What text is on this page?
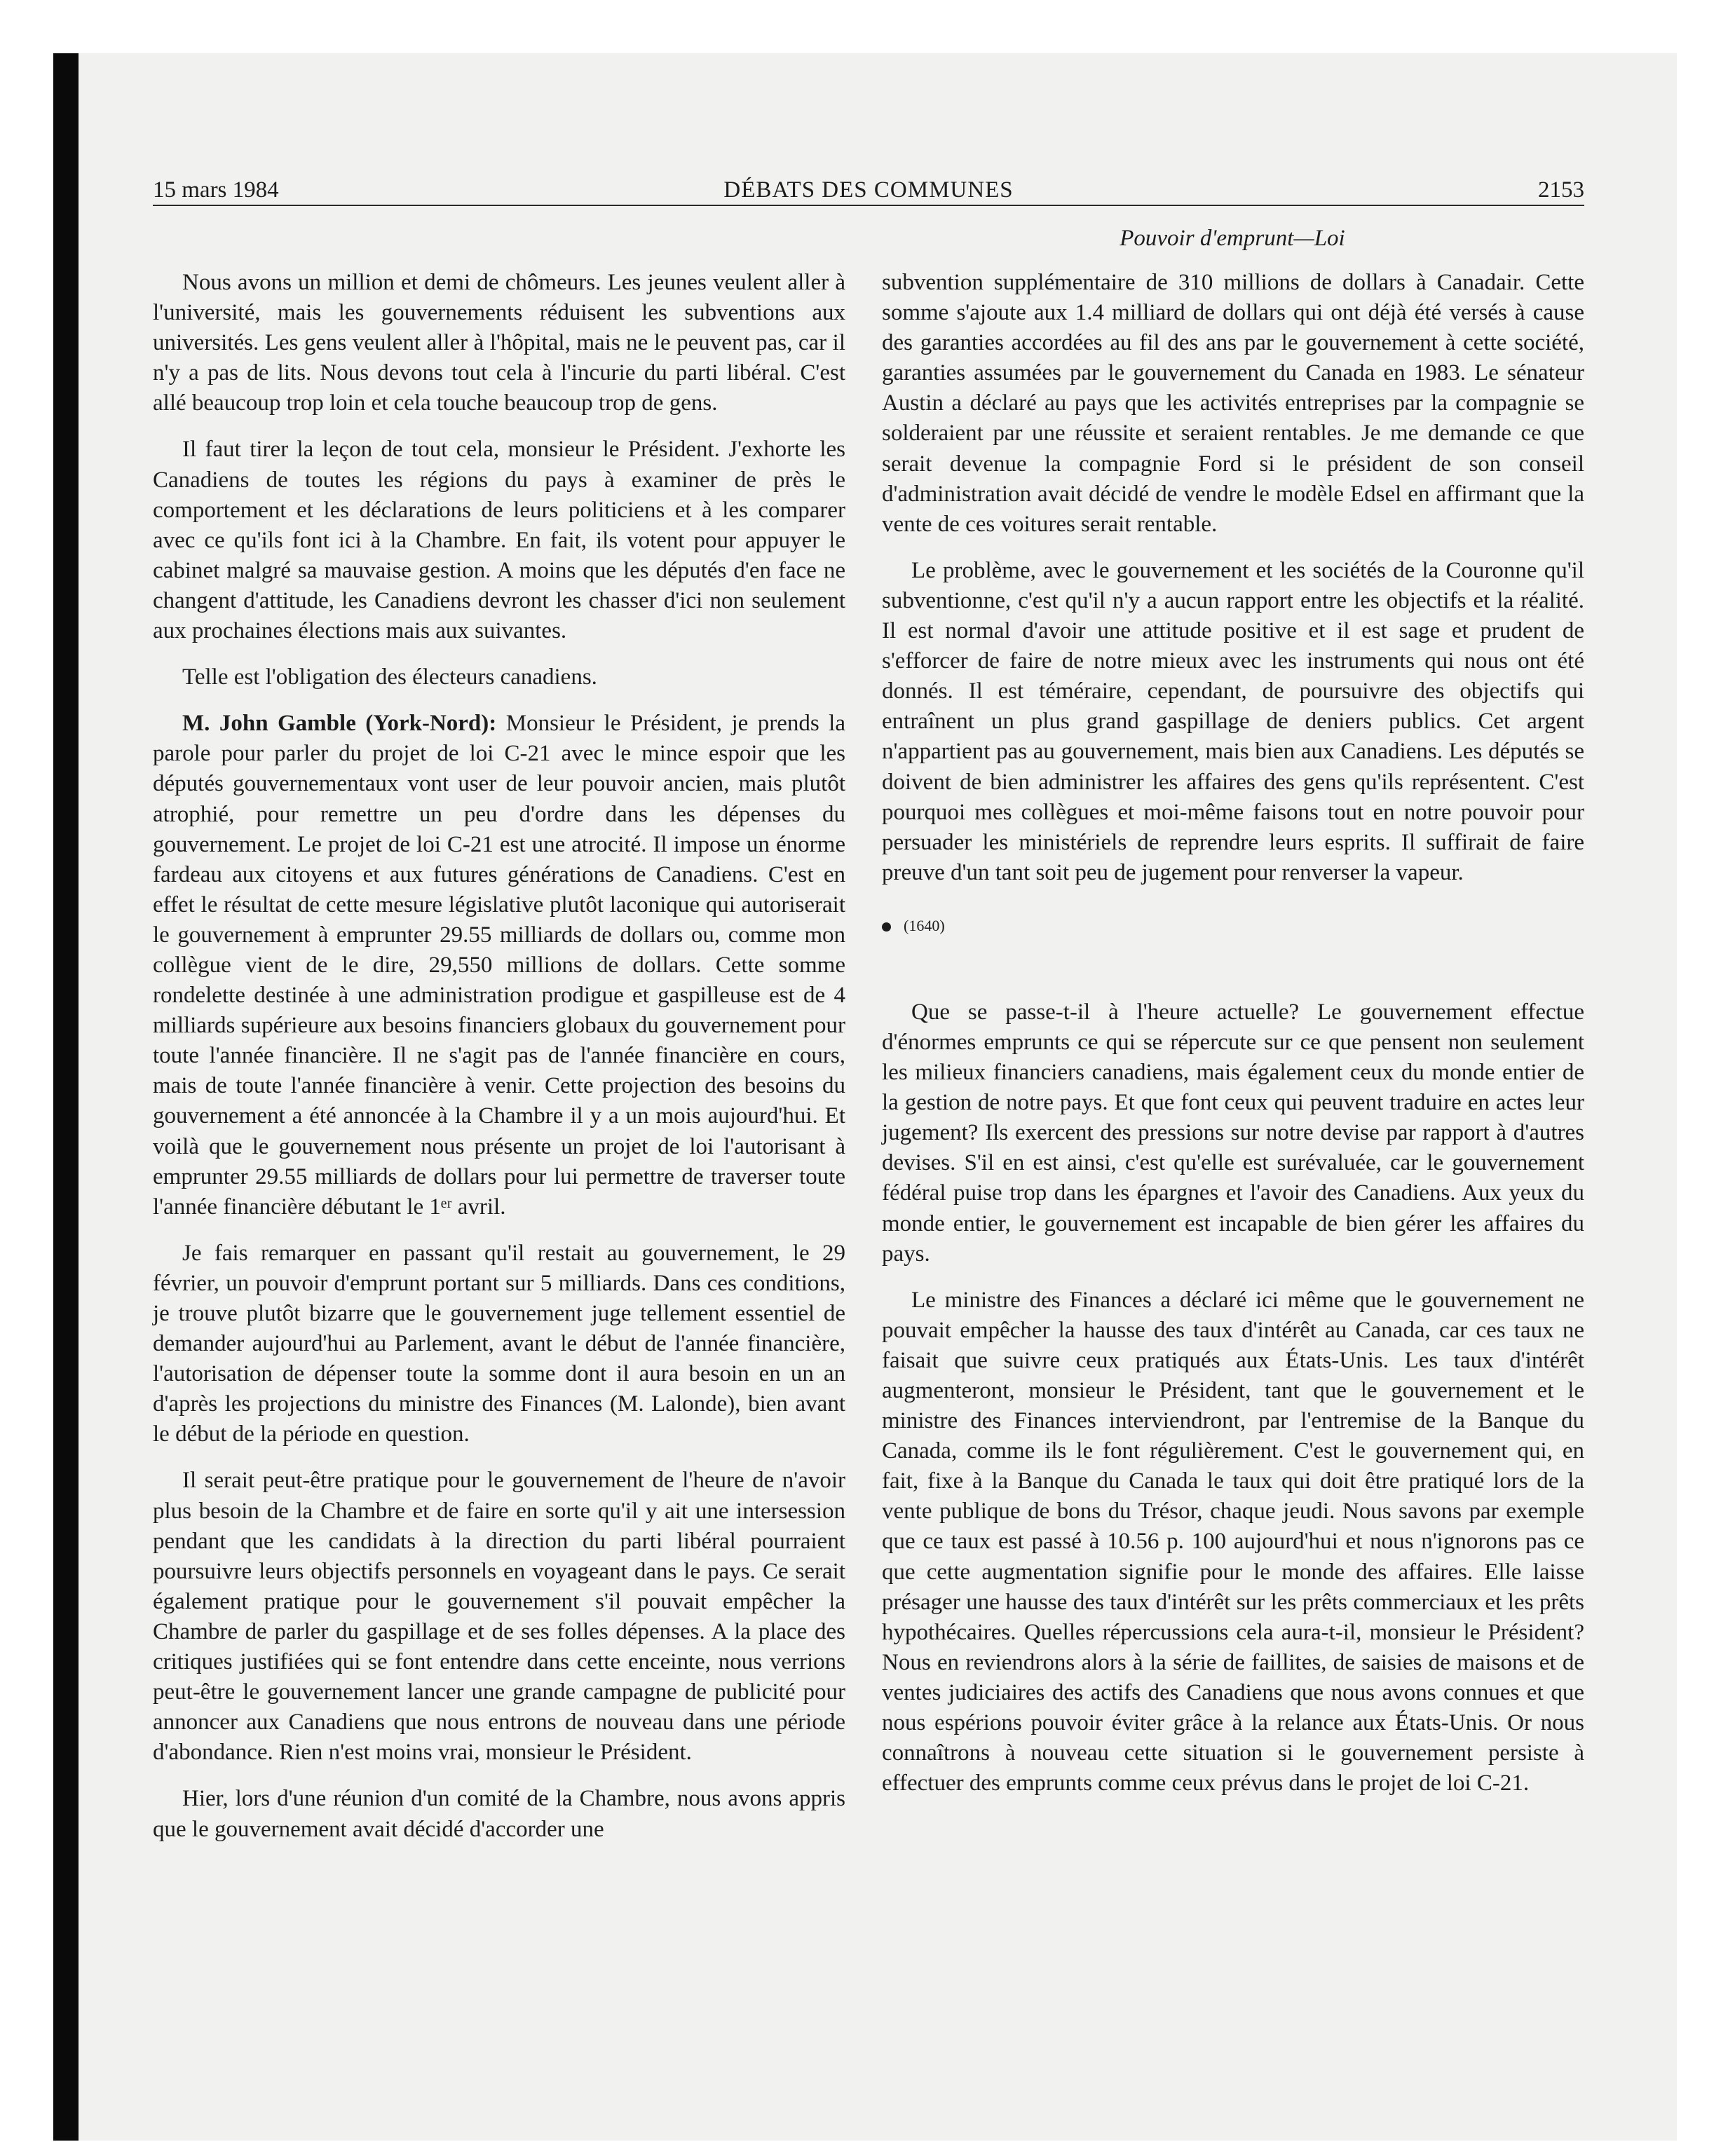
15 mars 1984	DÉBATS DES COMMUNES	2153
Pouvoir d'emprunt—Loi

Nous avons un million et demi de chômeurs. Les jeunes veulent aller à l'université, mais les gouvernements réduisent les subventions aux universités. Les gens veulent aller à l'hôpital, mais ne le peuvent pas, car il n'y a pas de lits. Nous devons tout cela à l'incurie du parti libéral. C'est allé beaucoup trop loin et cela touche beaucoup trop de gens.

Il faut tirer la leçon de tout cela, monsieur le Président. J'exhorte les Canadiens de toutes les régions du pays à examiner de près le comportement et les déclarations de leurs politiciens et à les comparer avec ce qu'ils font ici à la Chambre. En fait, ils votent pour appuyer le cabinet malgré sa mauvaise gestion. A moins que les députés d'en face ne changent d'attitude, les Canadiens devront les chasser d'ici non seulement aux prochaines élections mais aux suivantes.

Telle est l'obligation des électeurs canadiens.

M. John Gamble (York-Nord): Monsieur le Président, je prends la parole pour parler du projet de loi C-21 avec le mince espoir que les députés gouvernementaux vont user de leur pouvoir ancien, mais plutôt atrophié, pour remettre un peu d'ordre dans les dépenses du gouvernement. Le projet de loi C-21 est une atrocité. Il impose un énorme fardeau aux citoyens et aux futures générations de Canadiens. C'est en effet le résultat de cette mesure législative plutôt laconique qui autoriserait le gouvernement à emprunter 29.55 milliards de dollars ou, comme mon collègue vient de le dire, 29,550 millions de dollars. Cette somme rondelette destinée à une administration prodigue et gaspilleuse est de 4 milliards supérieure aux besoins financiers globaux du gouvernement pour toute l'année financière. Il ne s'agit pas de l'année financière en cours, mais de toute l'année financière à venir. Cette projection des besoins du gouvernement a été annoncée à la Chambre il y a un mois aujourd'hui. Et voilà que le gouvernement nous présente un projet de loi l'autorisant à emprunter 29.55 milliards de dollars pour lui permettre de traverser toute l'année financière débutant le 1ᵉʳ avril.

Je fais remarquer en passant qu'il restait au gouvernement, le 29 février, un pouvoir d'emprunt portant sur 5 milliards. Dans ces conditions, je trouve plutôt bizarre que le gouvernement juge tellement essentiel de demander aujourd'hui au Parlement, avant le début de l'année financière, l'autorisation de dépenser toute la somme dont il aura besoin en un an d'après les projections du ministre des Finances (M. Lalonde), bien avant le début de la période en question.

Il serait peut-être pratique pour le gouvernement de l'heure de n'avoir plus besoin de la Chambre et de faire en sorte qu'il y ait une intersession pendant que les candidats à la direction du parti libéral pourraient poursuivre leurs objectifs personnels en voyageant dans le pays. Ce serait également pratique pour le gouvernement s'il pouvait empêcher la Chambre de parler du gaspillage et de ses folles dépenses. A la place des critiques justifiées qui se font entendre dans cette enceinte, nous verrions peut-être le gouvernement lancer une grande campagne de publicité pour annoncer aux Canadiens que nous entrons de nouveau dans une période d'abondance. Rien n'est moins vrai, monsieur le Président.

Hier, lors d'une réunion d'un comité de la Chambre, nous avons appris que le gouvernement avait décidé d'accorder une

subvention supplémentaire de 310 millions de dollars à Canadair. Cette somme s'ajoute aux 1.4 milliard de dollars qui ont déjà été versés à cause des garanties accordées au fil des ans par le gouvernement à cette société, garanties assumées par le gouvernement du Canada en 1983. Le sénateur Austin a déclaré au pays que les activités entreprises par la compagnie se solderaient par une réussite et seraient rentables. Je me demande ce que serait devenue la compagnie Ford si le président de son conseil d'administration avait décidé de vendre le modèle Edsel en affirmant que la vente de ces voitures serait rentable.

Le problème, avec le gouvernement et les sociétés de la Couronne qu'il subventionne, c'est qu'il n'y a aucun rapport entre les objectifs et la réalité. Il est normal d'avoir une attitude positive et il est sage et prudent de s'efforcer de faire de notre mieux avec les instruments qui nous ont été donnés. Il est téméraire, cependant, de poursuivre des objectifs qui entraînent un plus grand gaspillage de deniers publics. Cet argent n'appartient pas au gouvernement, mais bien aux Canadiens. Les députés se doivent de bien administrer les affaires des gens qu'ils représentent. C'est pourquoi mes collègues et moi-même faisons tout en notre pouvoir pour persuader les ministériels de reprendre leurs esprits. Il suffirait de faire preuve d'un tant soit peu de jugement pour renverser la vapeur.

(1640)

Que se passe-t-il à l'heure actuelle? Le gouvernement effectue d'énormes emprunts ce qui se répercute sur ce que pensent non seulement les milieux financiers canadiens, mais également ceux du monde entier de la gestion de notre pays. Et que font ceux qui peuvent traduire en actes leur jugement? Ils exercent des pressions sur notre devise par rapport à d'autres devises. S'il en est ainsi, c'est qu'elle est surévaluée, car le gouvernement fédéral puise trop dans les épargnes et l'avoir des Canadiens. Aux yeux du monde entier, le gouvernement est incapable de bien gérer les affaires du pays.

Le ministre des Finances a déclaré ici même que le gouvernement ne pouvait empêcher la hausse des taux d'intérêt au Canada, car ces taux ne faisait que suivre ceux pratiqués aux États-Unis. Les taux d'intérêt augmenteront, monsieur le Président, tant que le gouvernement et le ministre des Finances interviendront, par l'entremise de la Banque du Canada, comme ils le font régulièrement. C'est le gouvernement qui, en fait, fixe à la Banque du Canada le taux qui doit être pratiqué lors de la vente publique de bons du Trésor, chaque jeudi. Nous savons par exemple que ce taux est passé à 10.56 p. 100 aujourd'hui et nous n'ignorons pas ce que cette augmentation signifie pour le monde des affaires. Elle laisse présager une hausse des taux d'intérêt sur les prêts commerciaux et les prêts hypothécaires. Quelles répercussions cela aura-t-il, monsieur le Président? Nous en reviendrons alors à la série de faillites, de saisies de maisons et de ventes judiciaires des actifs des Canadiens que nous avons connues et que nous espérions pouvoir éviter grâce à la relance aux États-Unis. Or nous connaîtrons à nouveau cette situation si le gouvernement persiste à effectuer des emprunts comme ceux prévus dans le projet de loi C-21.
